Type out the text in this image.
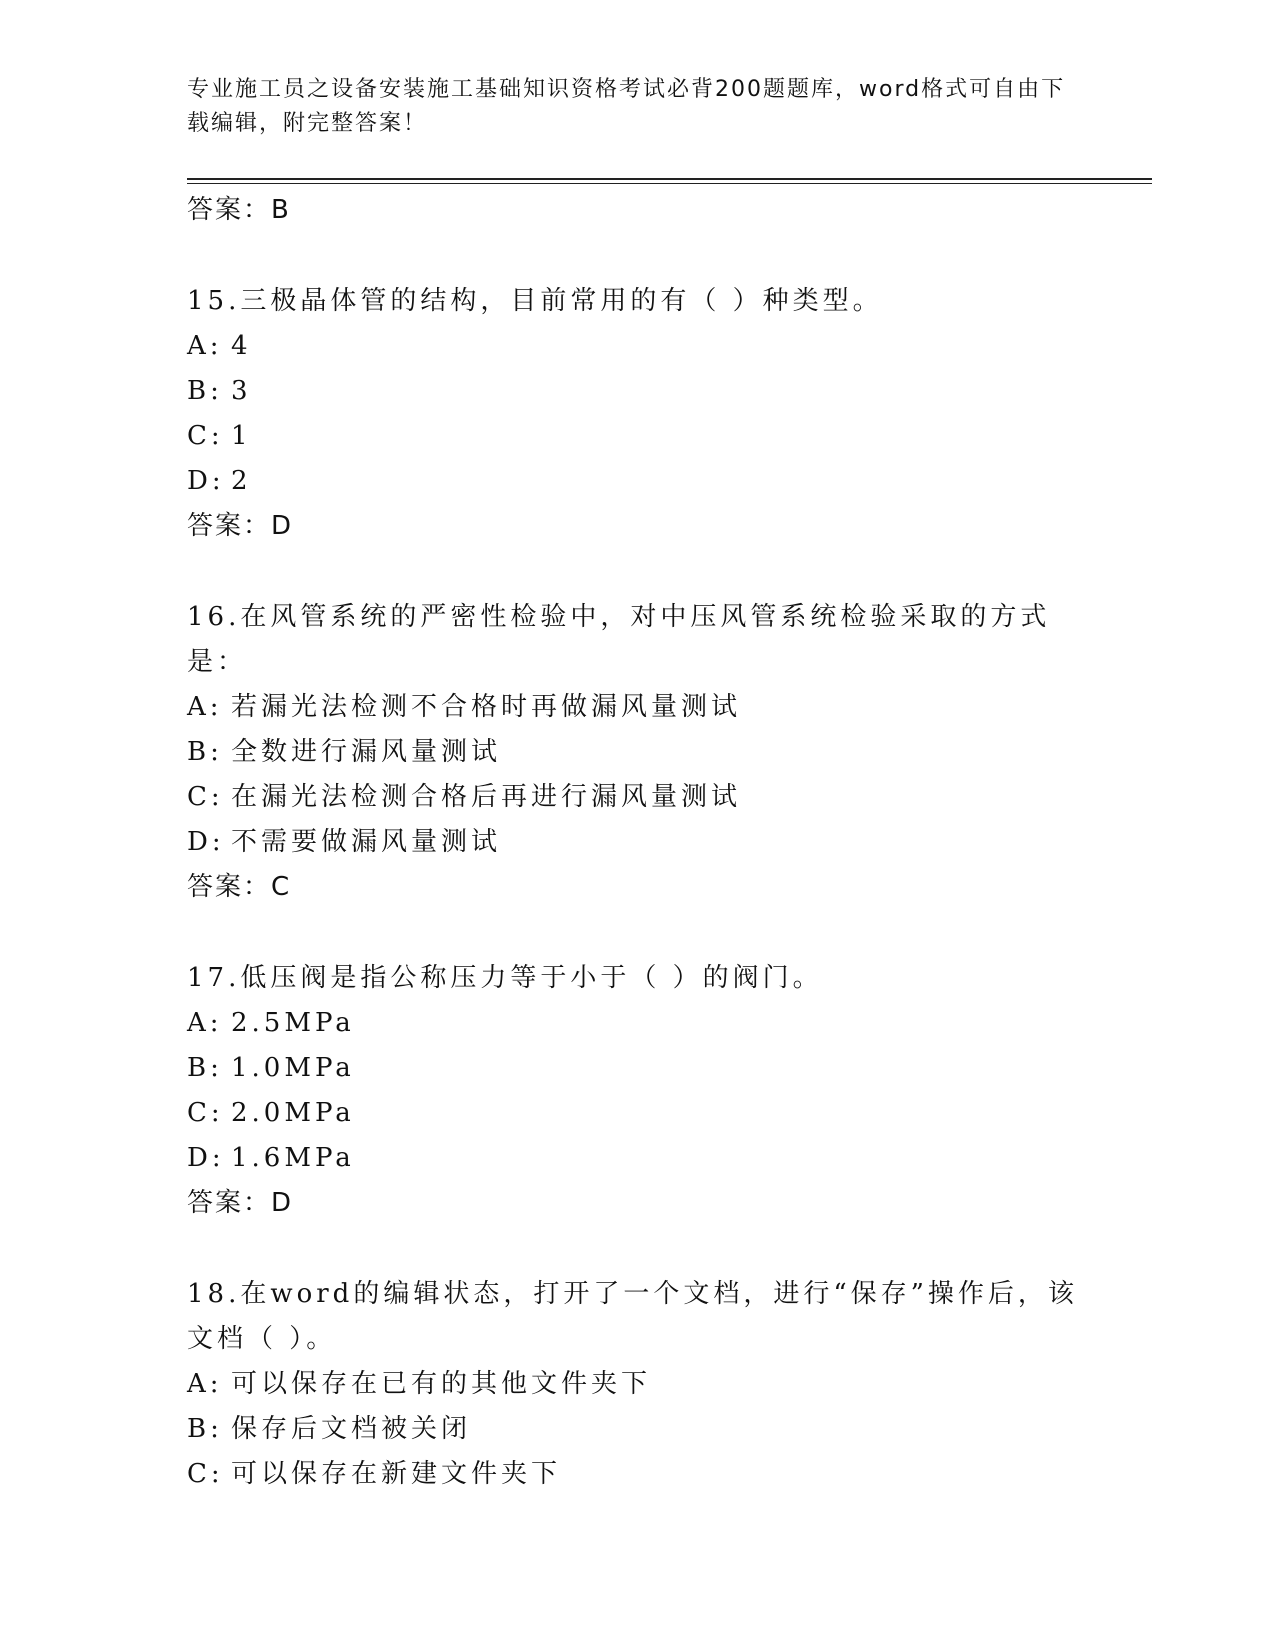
专业施工员之设备安装施工基础知识资格考试必背200题题库，word格式可自由下载编辑，附完整答案！
答案：B
15.三极晶体管的结构，目前常用的有（ ）种类型。
A: 4
B: 3
C: 1
D: 2
答案：D
16.在风管系统的严密性检验中，对中压风管系统检验采取的方式是：
A: 若漏光法检测不合格时再做漏风量测试
B: 全数进行漏风量测试
C: 在漏光法检测合格后再进行漏风量测试
D: 不需要做漏风量测试
答案：C
17.低压阀是指公称压力等于小于（ ）的阀门。
A: 2.5MPa
B: 1.0MPa
C: 2.0MPa
D: 1.6MPa
答案：D
18.在word的编辑状态，打开了一个文档，进行“保存”操作后，该文档（ ）。
A: 可以保存在已有的其他文件夹下
B: 保存后文档被关闭
C: 可以保存在新建文件夹下
